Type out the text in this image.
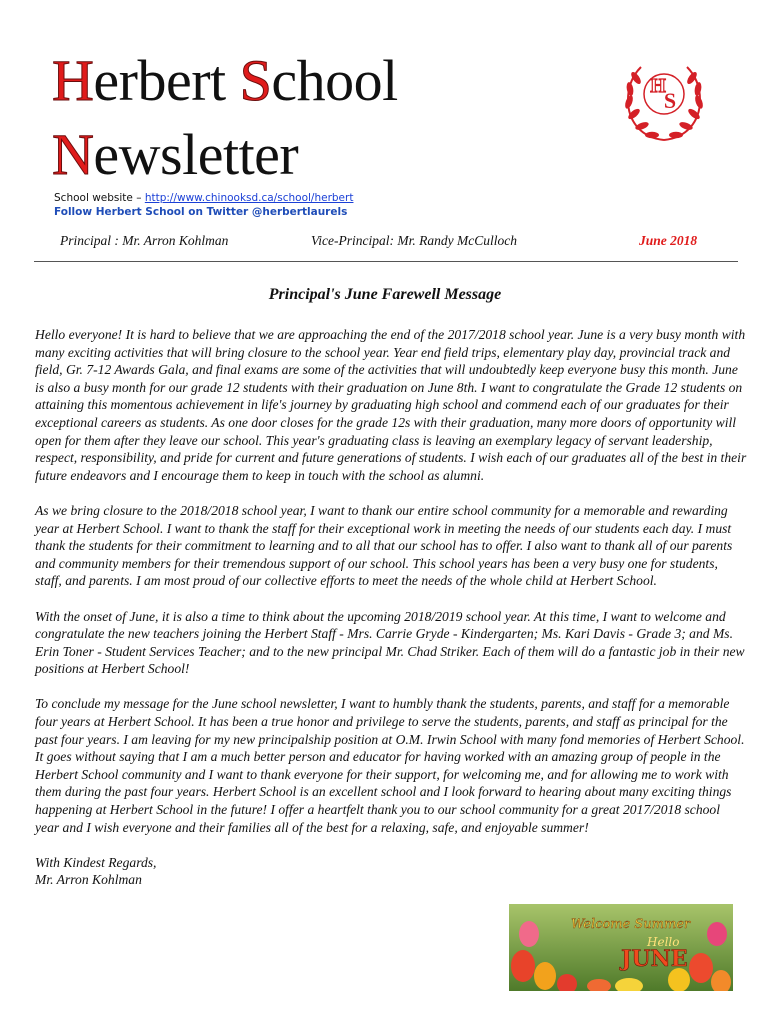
Herbert School
Newsletter
H
S
School website – http://www.chinooksd.ca/school/herbert
Follow Herbert School on Twitter @herbertlaurels
Principal : Mr. Arron Kohlman	Vice-Principal: Mr. Randy McCulloch	June 2018
Principal's June Farewell Message

Hello everyone! It is hard to believe that we are approaching the end of the 2017/2018 school year. June is a very busy month with many exciting activities that will bring closure to the school year. Year end field trips, elementary play day, provincial track and field, Gr. 7-12 Awards Gala, and final exams are some of the activities that will undoubtedly keep everyone busy this month. June is also a busy month for our grade 12 students with their graduation on June 8th. I want to congratulate the Grade 12 students on attaining this momentous achievement in life's journey by graduating high school and commend each of our graduates for their exceptional careers as students. As one door closes for the grade 12s with their graduation, many more doors of opportunity will open for them after they leave our school. This year's graduating class is leaving an exemplary legacy of servant leadership, respect, responsibility, and pride for current and future generations of students. I wish each of our graduates all of the best in their future endeavors and I encourage them to keep in touch with the school as alumni.

As we bring closure to the 2018/2018 school year, I want to thank our entire school community for a memorable and rewarding year at Herbert School. I want to thank the staff for their exceptional work in meeting the needs of our students each day. I must thank the students for their commitment to learning and to all that our school has to offer. I also want to thank all of our parents and community members for their tremendous support of our school. This school years has been a very busy one for students, staff, and parents. I am most proud of our collective efforts to meet the needs of the whole child at Herbert School.

With the onset of June, it is also a time to think about the upcoming 2018/2019 school year. At this time, I want to welcome and congratulate the new teachers joining the Herbert Staff - Mrs. Carrie Gryde - Kindergarten; Ms. Kari Davis - Grade 3; and Ms. Erin Toner - Student Services Teacher; and to the new principal Mr. Chad Striker. Each of them will do a fantastic job in their new positions at Herbert School!

To conclude my message for the June school newsletter, I want to humbly thank the students, parents, and staff for a memorable four years at Herbert School. It has been a true honor and privilege to serve the students, parents, and staff as principal for the past four years. I am leaving for my new principalship position at O.M. Irwin School with many fond memories of Herbert School. It goes without saying that I am a much better person and educator for having worked with an amazing group of people in the Herbert School community and I want to thank everyone for their support, for welcoming me, and for allowing me to work with them during the past four years. Herbert School is an excellent school and I look forward to hearing about many exciting things happening at Herbert School in the future! I offer a heartfelt thank you to our school community for a great 2017/2018 school year and I wish everyone and their families all of the best for a relaxing, safe, and enjoyable summer!

With Kindest Regards,

Mr. Arron Kohlman

Welcome Summer
Hello
JUNE
